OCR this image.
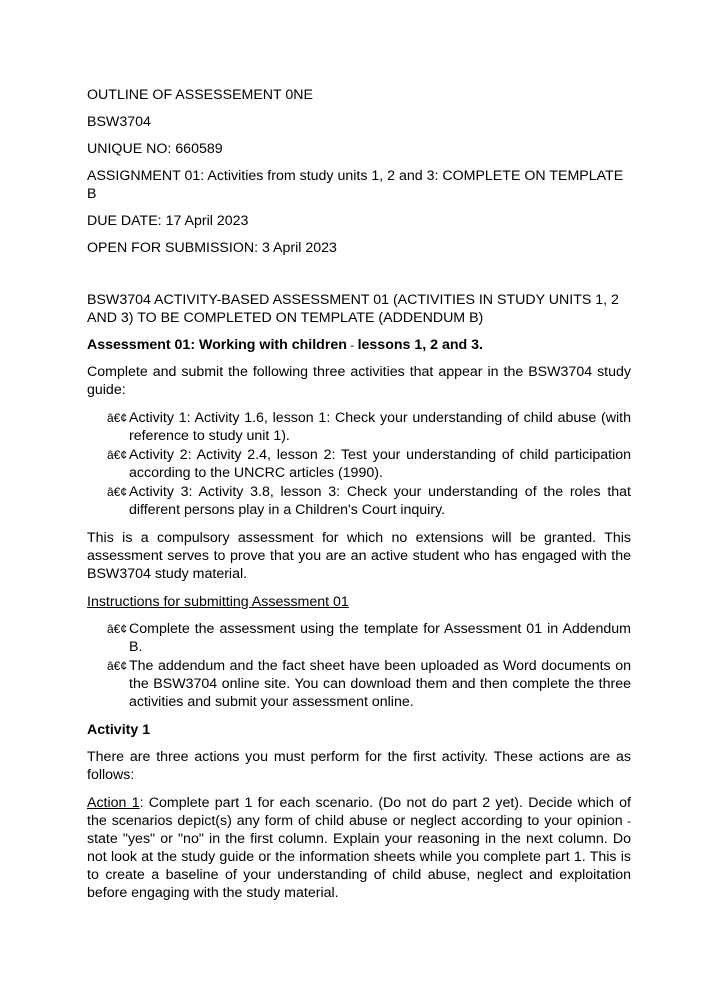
OUTLINE OF ASSESSEMENT 0NE

BSW3704

UNIQUE NO: 660589

ASSIGNMENT 01: Activities from study units 1, 2 and 3: COMPLETE ON TEMPLATE B

DUE DATE: 17 April 2023

OPEN FOR SUBMISSION: 3 April 2023

BSW3704 ACTIVITY-BASED ASSESSMENT 01 (ACTIVITIES IN STUDY UNITS 1, 2 AND 3) TO BE COMPLETED ON TEMPLATE (ADDENDUM B)

Assessment 01: Working with children - lessons 1, 2 and 3.

Complete and submit the following three activities that appear in the BSW3704 study guide:

â€¢ Activity 1: Activity 1.6, lesson 1: Check your understanding of child abuse (with reference to study unit 1).
â€¢ Activity 2: Activity 2.4, lesson 2: Test your understanding of child participation according to the UNCRC articles (1990).
â€¢ Activity 3: Activity 3.8, lesson 3: Check your understanding of the roles that different persons play in a Children's Court inquiry.

This is a compulsory assessment for which no extensions will be granted. This assessment serves to prove that you are an active student who has engaged with the BSW3704 study material.

Instructions for submitting Assessment 01

â€¢ Complete the assessment using the template for Assessment 01 in Addendum B.
â€¢ The addendum and the fact sheet have been uploaded as Word documents on the BSW3704 online site. You can download them and then complete the three activities and submit your assessment online.

Activity 1

There are three actions you must perform for the first activity. These actions are as follows:

Action 1: Complete part 1 for each scenario. (Do not do part 2 yet). Decide which of the scenarios depict(s) any form of child abuse or neglect according to your opinion - state "yes" or "no" in the first column. Explain your reasoning in the next column. Do not look at the study guide or the information sheets while you complete part 1. This is to create a baseline of your understanding of child abuse, neglect and exploitation before engaging with the study material.
